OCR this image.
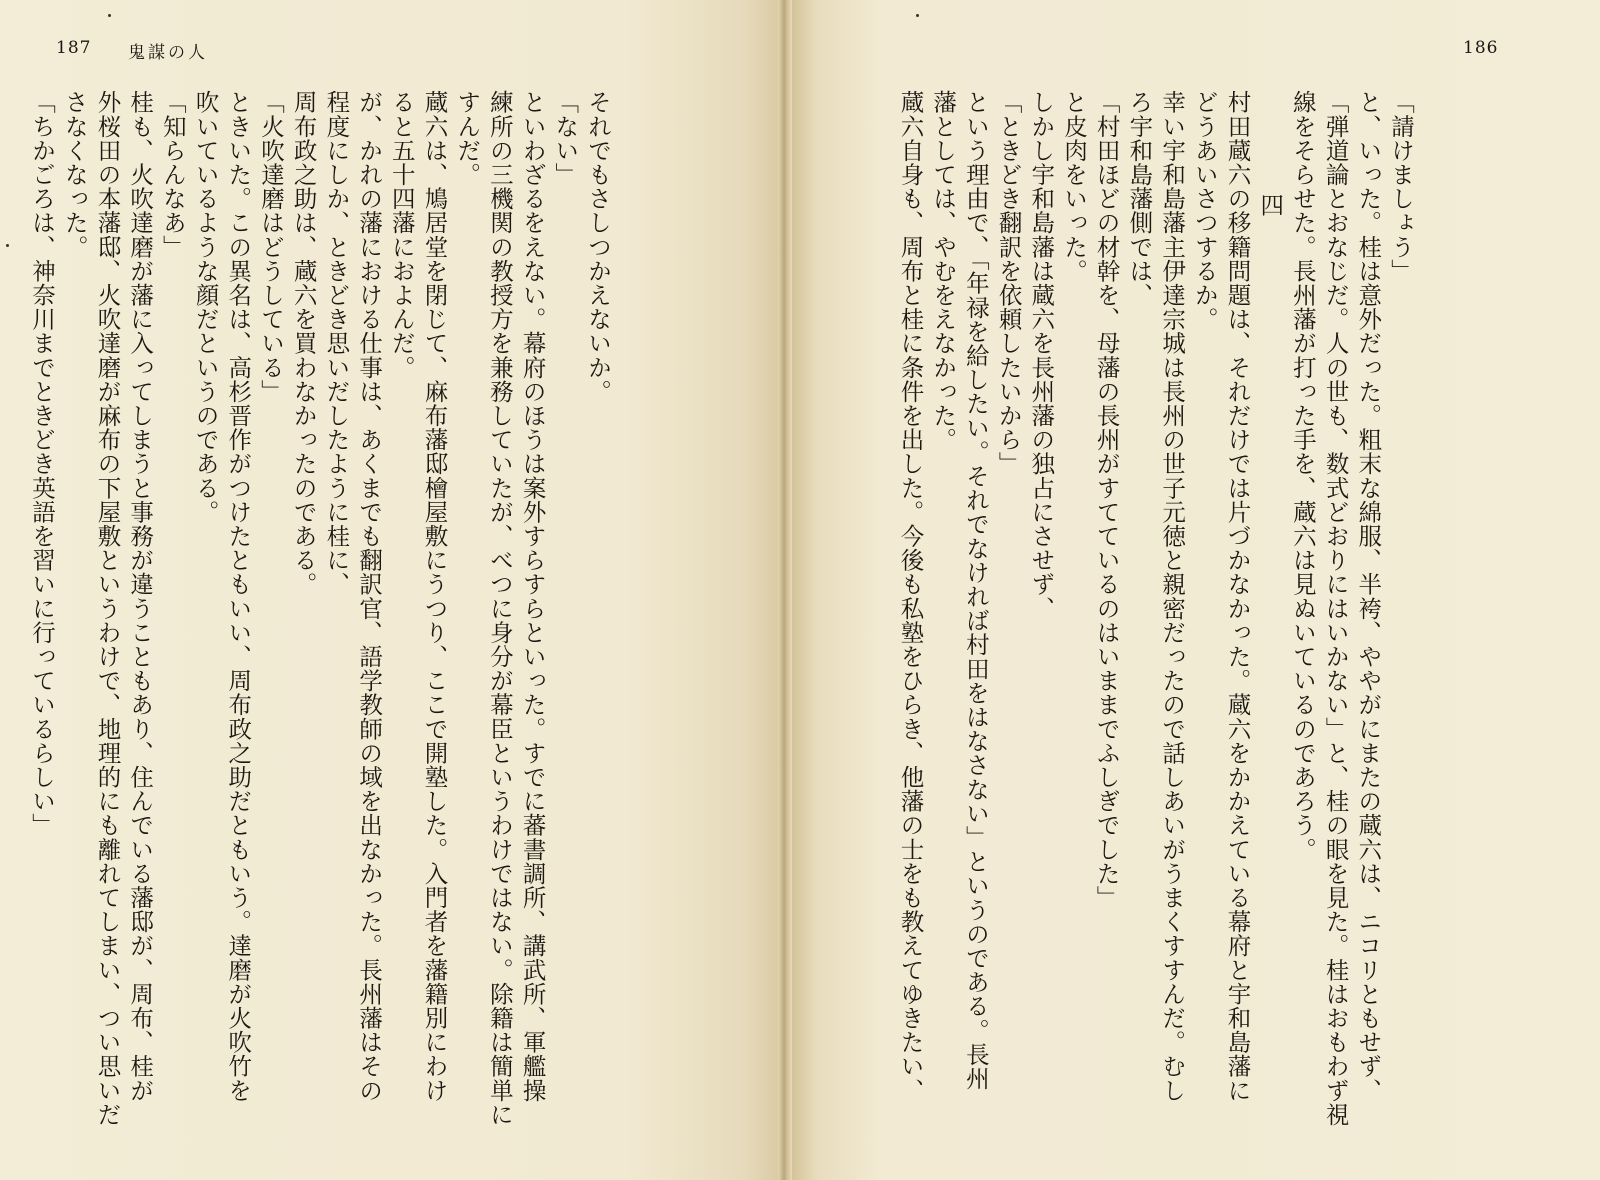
187 鬼謀の人	186
「請けましょう」
と、いった。桂は意外だった。粗末な綿服、半袴、ややがにまたの蔵六は、ニコリともせず、
「弾道論とおなじだ。人の世も、数式どおりにはいかない」と、桂の眼を見た。桂はおもわず視
線をそらせた。長州藩が打った手を、蔵六は見ぬいているのであろう。
四
村田蔵六の移籍問題は、それだけでは片づかなかった。蔵六をかかえている幕府と宇和島藩に
どうあいさつするか。
幸い宇和島藩主伊達宗城は長州の世子元徳と親密だったので話しあいがうまくすすんだ。むし
ろ宇和島藩側では、
「村田ほどの材幹を、母藩の長州がすてているのはいままでふしぎでした」
と皮肉をいった。
しかし宇和島藩は蔵六を長州藩の独占にさせず、
「ときどき翻訳を依頼したいから」
という理由で、「年禄を給したい。それでなければ村田をはなさない」というのである。長州
藩としては、やむをえなかった。
蔵六自身も、周布と桂に条件を出した。今後も私塾をひらき、他藩の士をも教えてゆきたい、
それでもさしつかえないか。
「ない」
といわざるをえない。幕府のほうは案外すらすらといった。すでに蕃書調所、講武所、軍艦操
練所の三機関の教授方を兼務していたが、べつに身分が幕臣というわけではない。除籍は簡単に
すんだ。
蔵六は、鳩居堂を閉じて、麻布藩邸檜屋敷にうつり、ここで開塾した。入門者を藩籍別にわけ
ると五十四藩におよんだ。
が、かれの藩における仕事は、あくまでも翻訳官、語学教師の域を出なかった。長州藩はその
程度にしか、ときどき思いだしたように桂に、
周布政之助は、蔵六を買わなかったのである。
「火吹達磨はどうしている」
ときいた。この異名は、高杉晋作がつけたともいい、周布政之助だともいう。達磨が火吹竹を
吹いているような顔だというのである。
「知らんなあ」
桂も、火吹達磨が藩に入ってしまうと事務が違うこともあり、住んでいる藩邸が、周布、桂が
外桜田の本藩邸、火吹達磨が麻布の下屋敷というわけで、地理的にも離れてしまい、つい思いだ
さなくなった。
「ちかごろは、神奈川までときどき英語を習いに行っているらしい」
